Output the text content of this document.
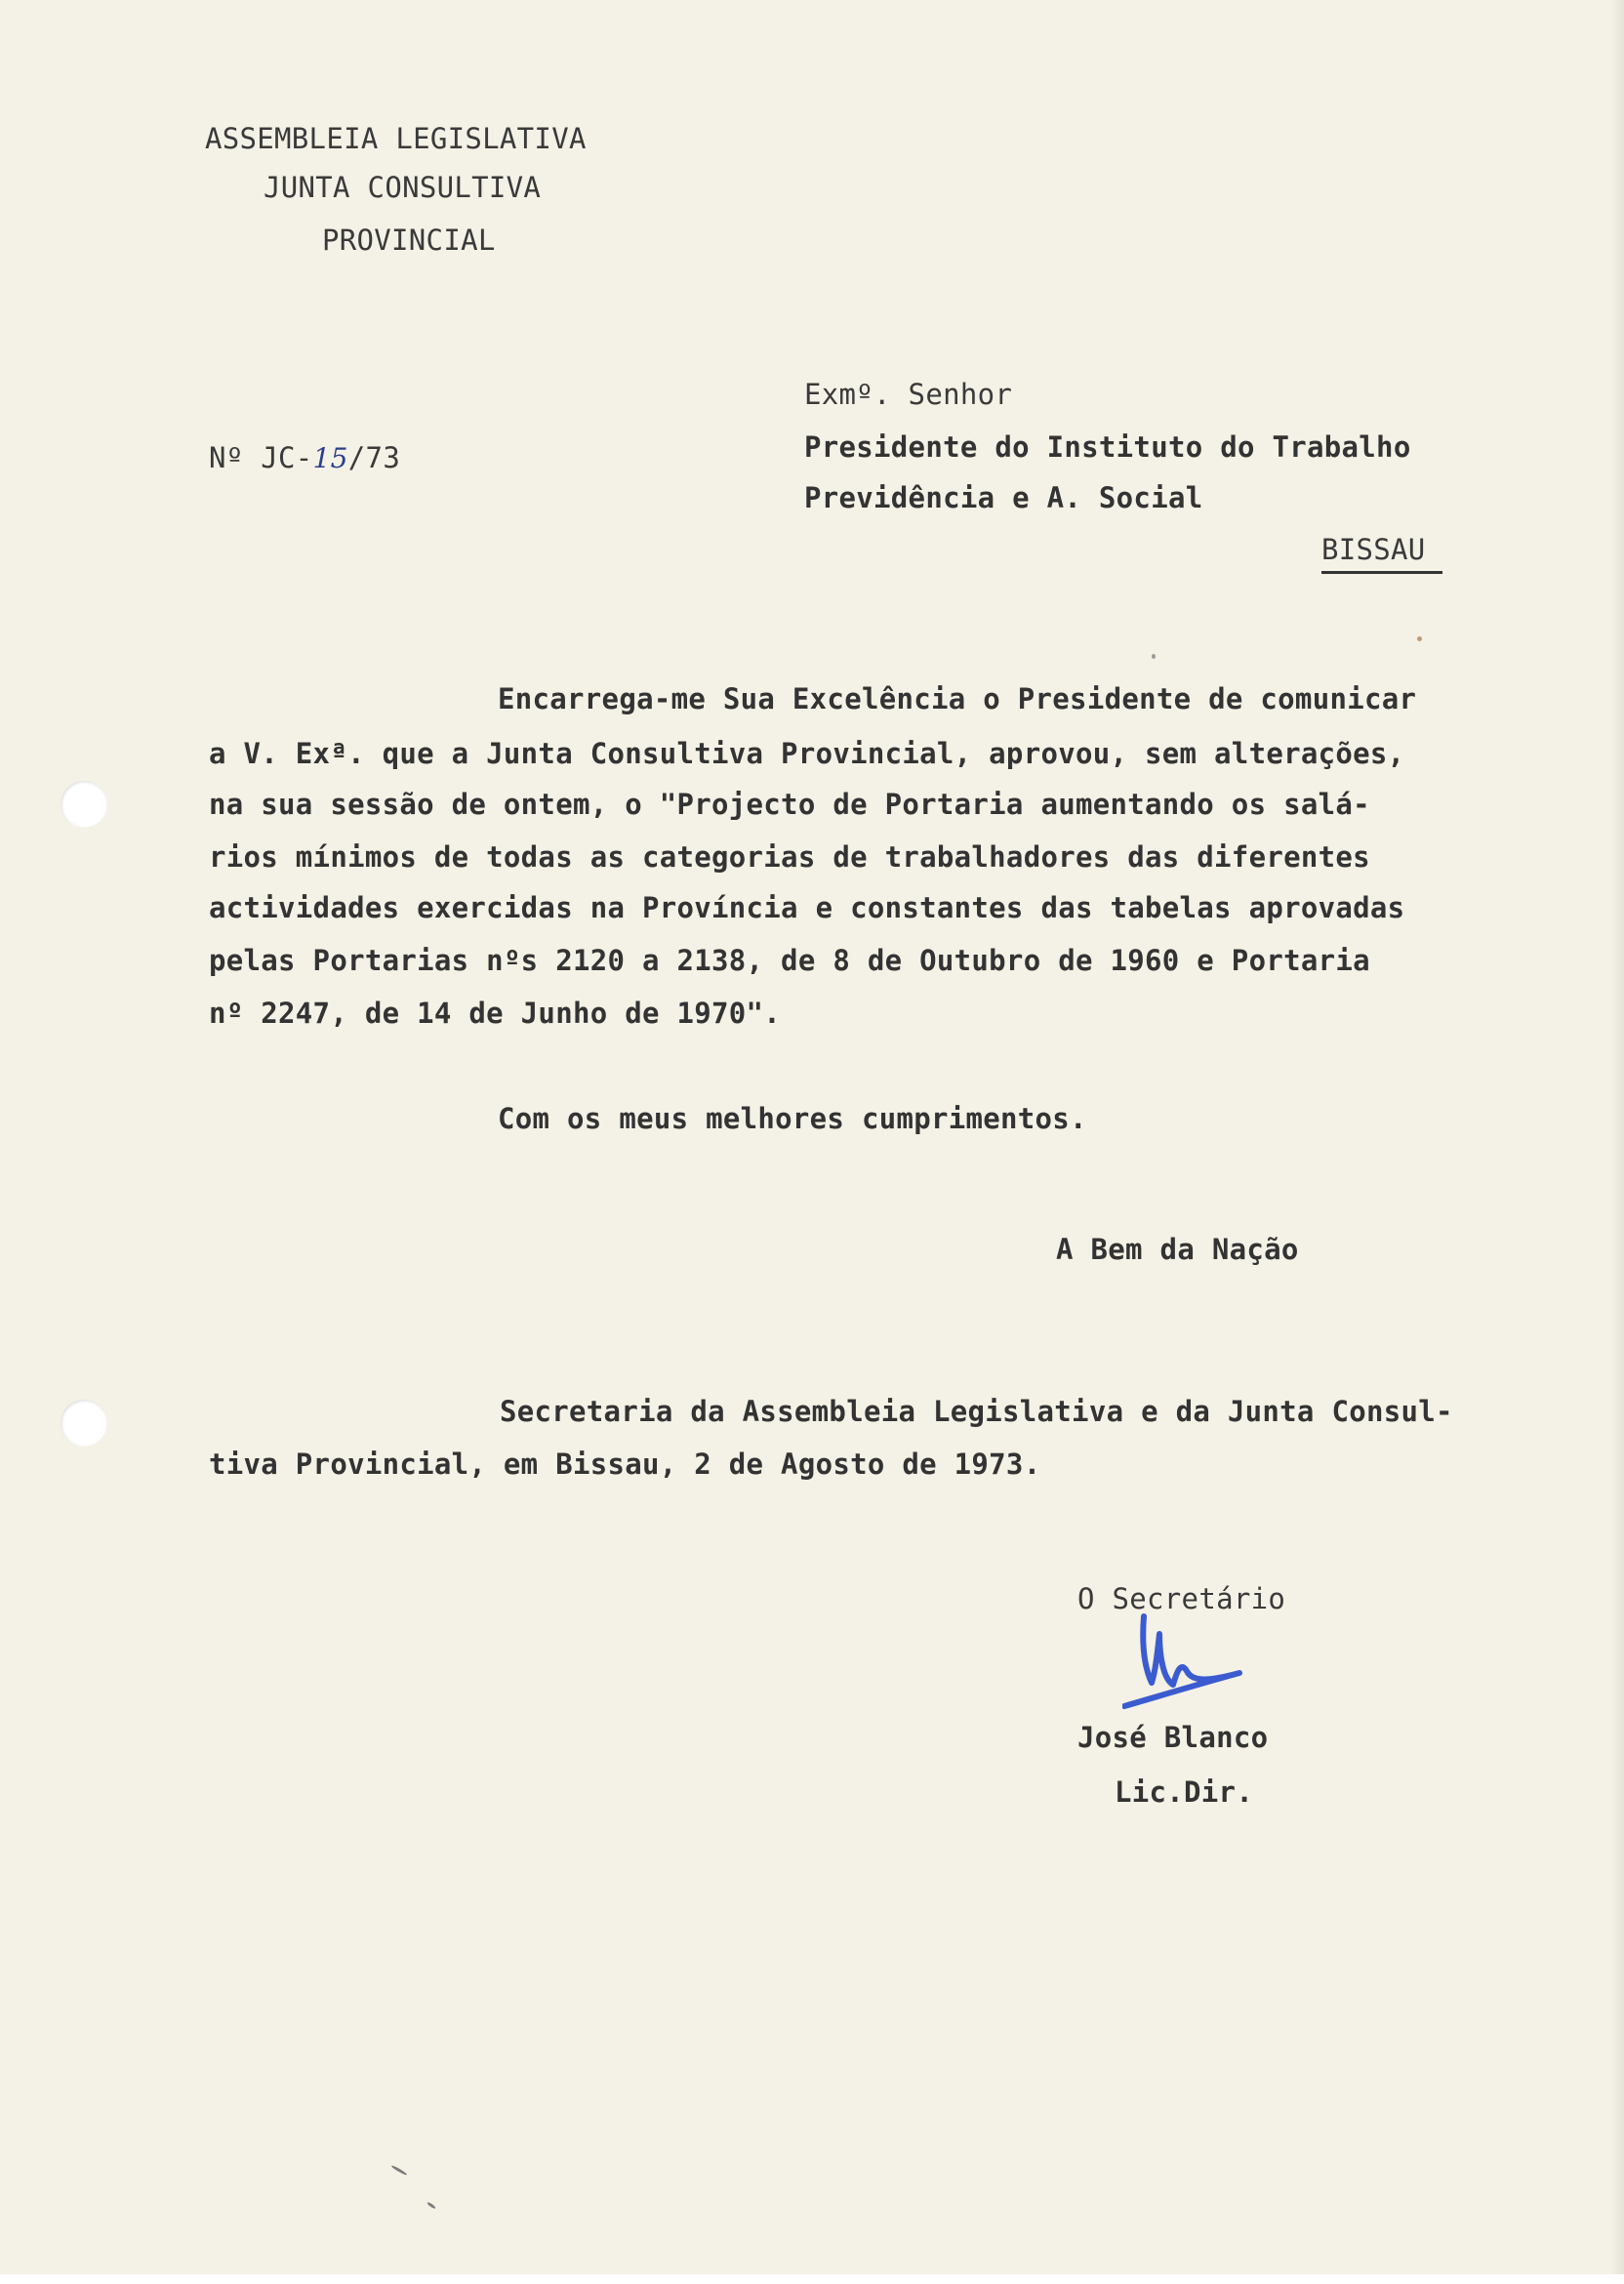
ASSEMBLEIA LEGISLATIVA
JUNTA CONSULTIVA
PROVINCIAL
Nº JC-15/73
Exmº. Senhor
Presidente do Instituto do Trabalho
Previdência e A. Social
BISSAU
Encarrega-me Sua Excelência o Presidente de comunicar
a V. Exª. que a Junta Consultiva Provincial, aprovou, sem alterações,
na sua sessão de ontem, o "Projecto de Portaria aumentando os salá-
rios mínimos de todas as categorias de trabalhadores das diferentes
actividades exercidas na Província e constantes das tabelas aprovadas
pelas Portarias nºs 2120 a 2138, de 8 de Outubro de 1960 e Portaria
nº 2247, de 14 de Junho de 1970".
Com os meus melhores cumprimentos.
A Bem da Nação
Secretaria da Assembleia Legislativa e da Junta Consul-
tiva Provincial, em Bissau, 2 de Agosto de 1973.
O Secretário
José Blanco
Lic.Dir.
